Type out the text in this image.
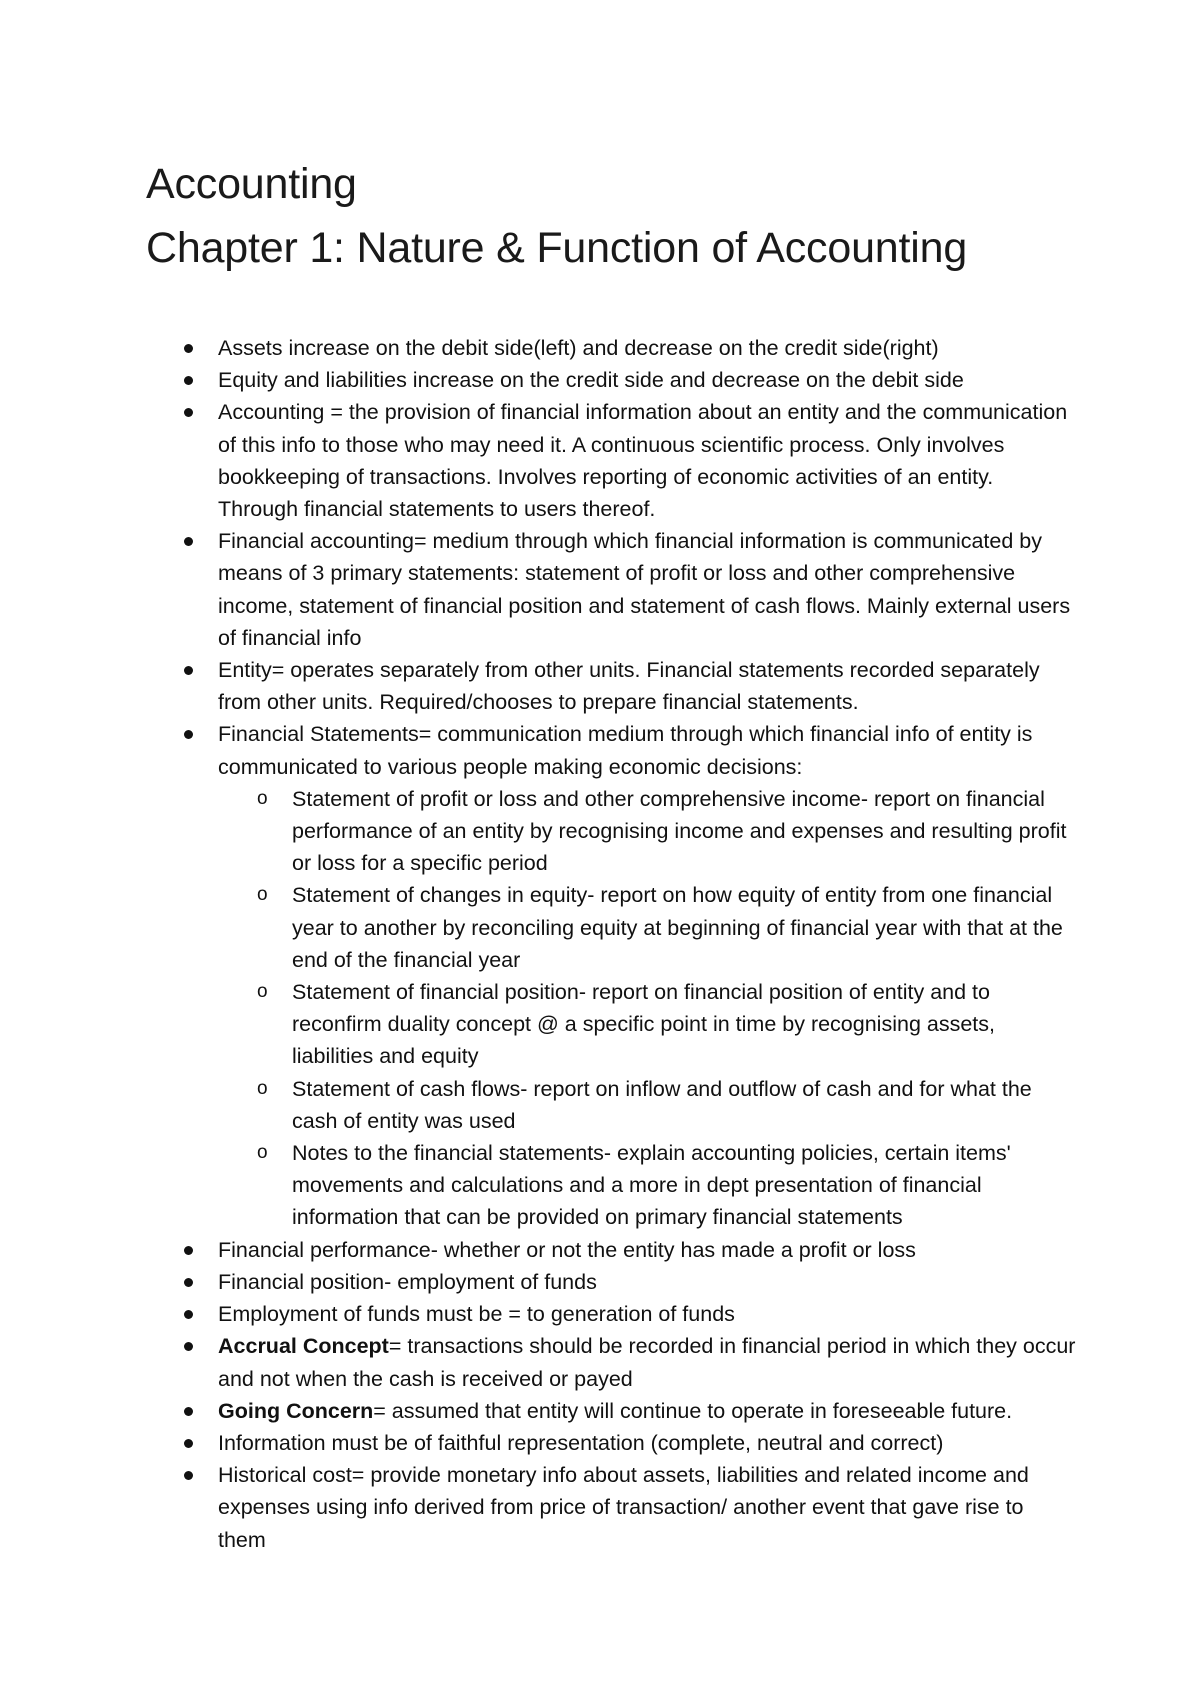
Accounting
Chapter 1: Nature & Function of Accounting
Assets increase on the debit side(left) and decrease on the credit side(right)
Equity and liabilities increase on the credit side and decrease on the debit side
Accounting = the provision of financial information about an entity and the communication of this info to those who may need it. A continuous scientific process. Only involves bookkeeping of transactions. Involves reporting of economic activities of an entity. Through financial statements to users thereof.
Financial accounting= medium through which financial information is communicated by means of 3 primary statements: statement of profit or loss and other comprehensive income, statement of financial position and statement of cash flows. Mainly external users of financial info
Entity= operates separately from other units. Financial statements recorded separately from other units. Required/chooses to prepare financial statements.
Financial Statements= communication medium through which financial info of entity is communicated to various people making economic decisions:
o Statement of profit or loss and other comprehensive income- report on financial performance of an entity by recognising income and expenses and resulting profit or loss for a specific period
o Statement of changes in equity- report on how equity of entity from one financial year to another by reconciling equity at beginning of financial year with that at the end of the financial year
o Statement of financial position- report on financial position of entity and to reconfirm duality concept @ a specific point in time by recognising assets, liabilities and equity
o Statement of cash flows- report on inflow and outflow of cash and for what the cash of entity was used
o Notes to the financial statements- explain accounting policies, certain items' movements and calculations and a more in dept presentation of financial information that can be provided on primary financial statements
Financial performance- whether or not the entity has made a profit or loss
Financial position- employment of funds
Employment of funds must be = to generation of funds
Accrual Concept= transactions should be recorded in financial period in which they occur and not when the cash is received or payed
Going Concern= assumed that entity will continue to operate in foreseeable future.
Information must be of faithful representation (complete, neutral and correct)
Historical cost= provide monetary info about assets, liabilities and related income and expenses using info derived from price of transaction/ another event that gave rise to them
